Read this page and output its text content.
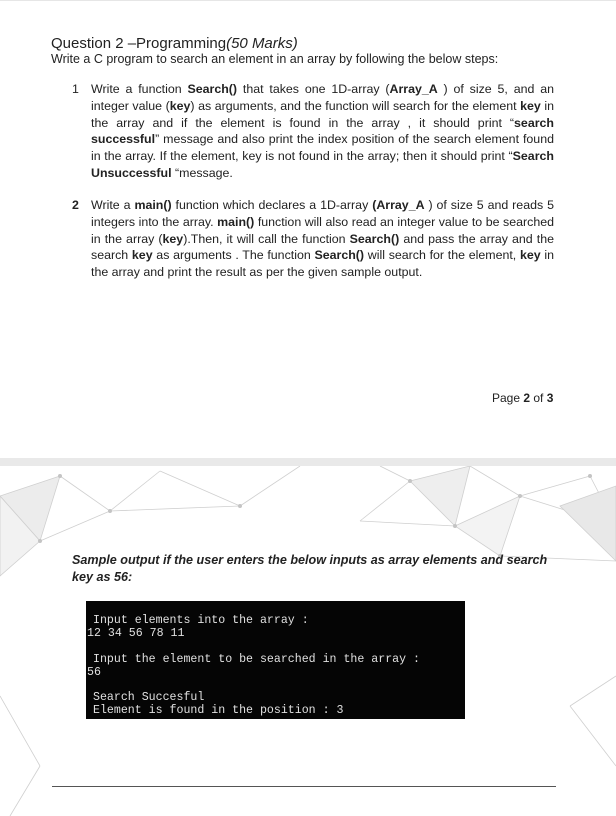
Question 2 –Programming(50 Marks)
Write a C program to search an element in an array by following the below steps:
1 Write a function Search() that takes one 1D-array (Array_A ) of size 5, and an integer value (key) as arguments, and the function will search for the element key in the array and if the element is found in the array , it should print “search successful” message and also print the index position of the search element found in the array. If the element, key is not found in the array; then it should print “Search Unsuccessful “message.
2 Write a main() function which declares a 1D-array (Array_A ) of size 5 and reads 5 integers into the array. main() function will also read an integer value to be searched in the array (key).Then, it will call the function Search() and pass the array and the search key as arguments . The function Search() will search for the element, key in the array and print the result as per the given sample output.
Page 2 of 3
Sample output if the user enters the below inputs as array elements and search key as 56:
Input elements into the array :
12 34 56 78 11
Input the element to be searched in the array :
56
Search Succesful
Element is found in the position : 3
